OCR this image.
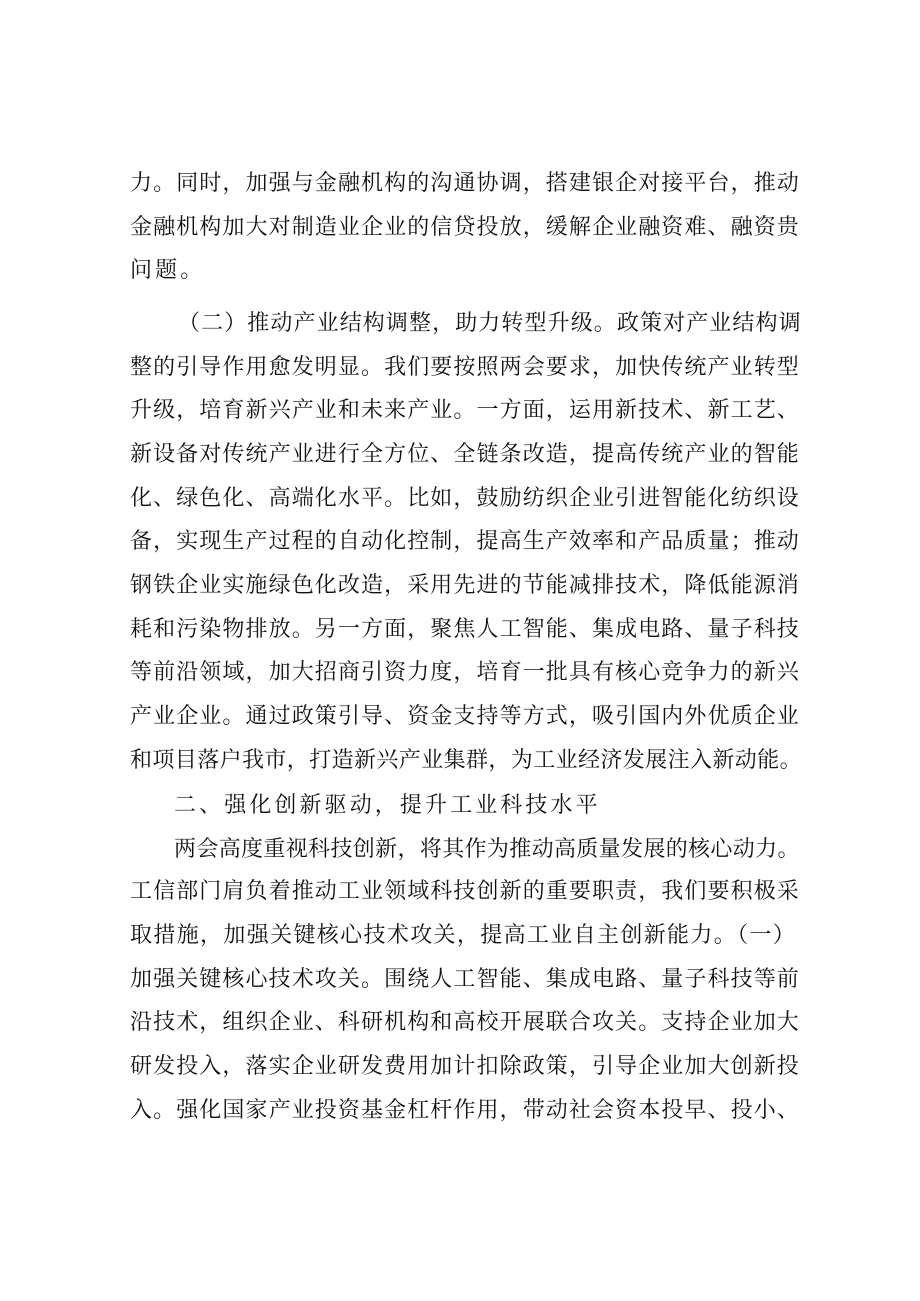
力。同时，加强与金融机构的沟通协调，搭建银企对接平台，推动
金融机构加大对制造业企业的信贷投放，缓解企业融资难、融资贵
问题。
（二）推动产业结构调整，助力转型升级。政策对产业结构调
整的引导作用愈发明显。我们要按照两会要求，加快传统产业转型
升级，培育新兴产业和未来产业。一方面，运用新技术、新工艺、
新设备对传统产业进行全方位、全链条改造，提高传统产业的智能
化、绿色化、高端化水平。比如，鼓励纺织企业引进智能化纺织设
备，实现生产过程的自动化控制，提高生产效率和产品质量；推动
钢铁企业实施绿色化改造，采用先进的节能减排技术，降低能源消
耗和污染物排放。另一方面，聚焦人工智能、集成电路、量子科技
等前沿领域，加大招商引资力度，培育一批具有核心竞争力的新兴
产业企业。通过政策引导、资金支持等方式，吸引国内外优质企业
和项目落户我市，打造新兴产业集群，为工业经济发展注入新动能。
二、强化创新驱动，提升工业科技水平
两会高度重视科技创新，将其作为推动高质量发展的核心动力。
工信部门肩负着推动工业领域科技创新的重要职责，我们要积极采
取措施，加强关键核心技术攻关，提高工业自主创新能力。（一）
加强关键核心技术攻关。围绕人工智能、集成电路、量子科技等前
沿技术，组织企业、科研机构和高校开展联合攻关。支持企业加大
研发投入，落实企业研发费用加计扣除政策，引导企业加大创新投
入。强化国家产业投资基金杠杆作用，带动社会资本投早、投小、
